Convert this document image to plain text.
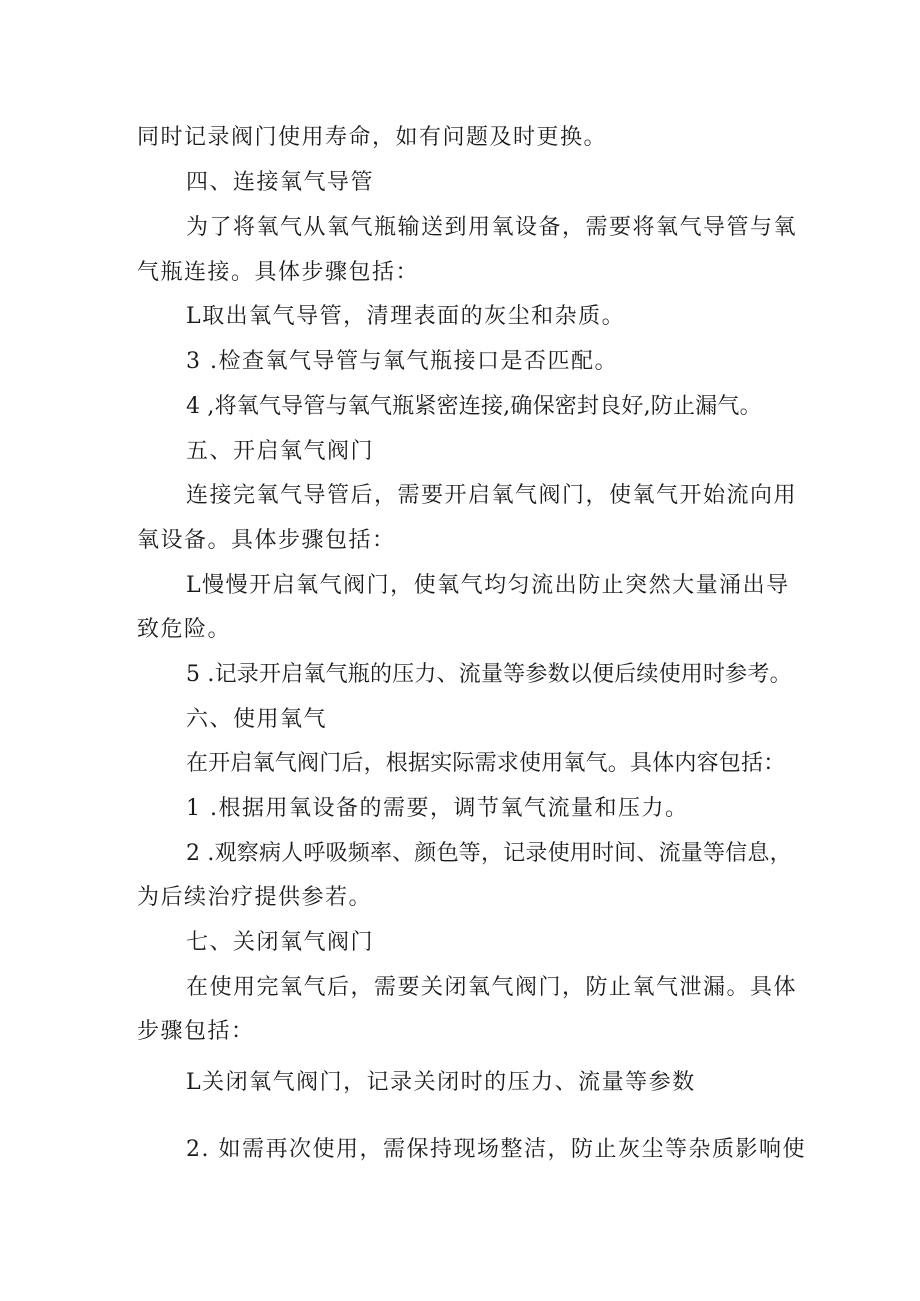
同时记录阀门使用寿命，如有问题及时更换。
四、连接氧气导管
为了将氧气从氧气瓶输送到用氧设备，需要将氧气导管与氧
气瓶连接。具体步骤包括：
L取出氧气导管，清理表面的灰尘和杂质。
3 .检查氧气导管与氧气瓶接口是否匹配。
4 ,将氧气导管与氧气瓶紧密连接,确保密封良好,防止漏气。
五、开启氧气阀门
连接完氧气导管后，需要开启氧气阀门，使氧气开始流向用
氧设备。具体步骤包括：
L慢慢开启氧气阀门，使氧气均匀流出防止突然大量涌出导
致危险。
5 .记录开启氧气瓶的压力、流量等参数以便后续使用时参考。
六、使用氧气
在开启氧气阀门后，根据实际需求使用氧气。具体内容包括：
1 .根据用氧设备的需要，调节氧气流量和压力。
2 .观察病人呼吸频率、颜色等，记录使用时间、流量等信息，
为后续治疗提供参若。
七、关闭氧气阀门
在使用完氧气后，需要关闭氧气阀门，防止氧气泄漏。具体
步骤包括：
L关闭氧气阀门，记录关闭时的压力、流量等参数
2. 如需再次使用，需保持现场整洁，防止灰尘等杂质影响使
